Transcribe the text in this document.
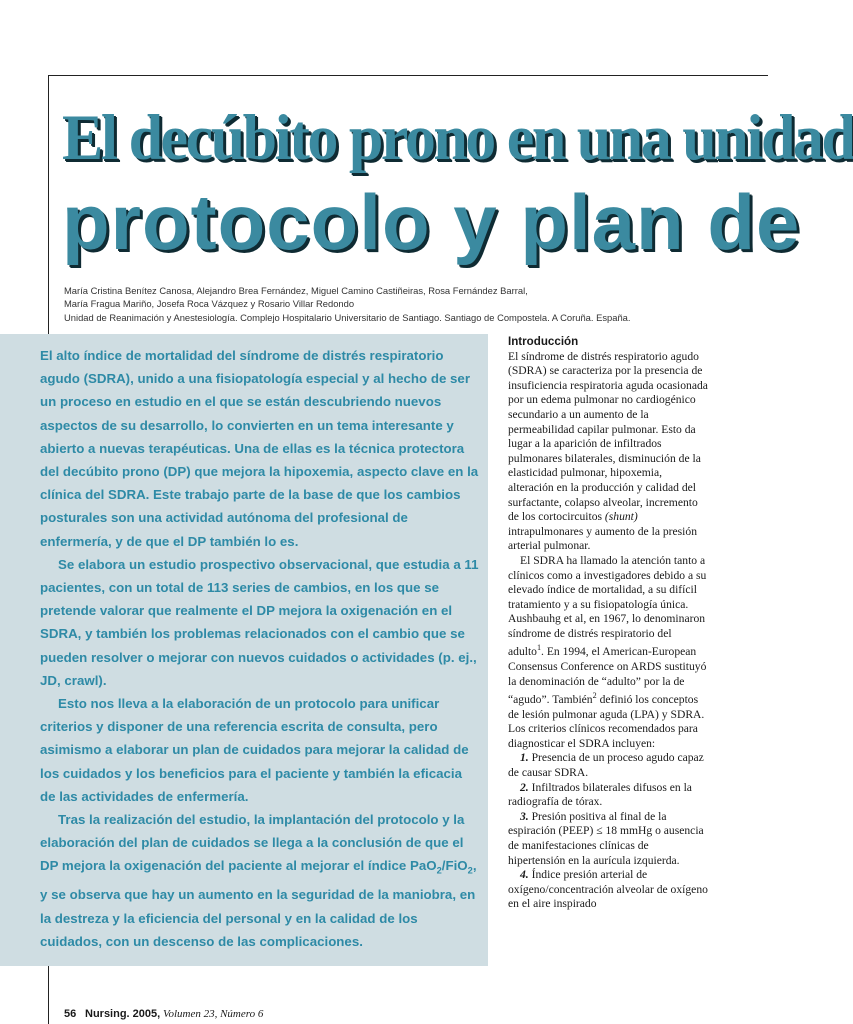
El decúbito prono en una unidad
protocolo y plan de
María Cristina Benítez Canosa, Alejandro Brea Fernández, Miguel Camino Castiñeiras, Rosa Fernández Barral,
María Fragua Mariño, Josefa Roca Vázquez y Rosario Villar Redondo
Unidad de Reanimación y Anestesiología. Complejo Hospitalario Universitario de Santiago. Santiago de Compostela. A Coruña. España.

El alto índice de mortalidad del síndrome de distrés respiratorio agudo (SDRA), unido a una fisiopatología especial y al hecho de ser un proceso en estudio en el que se están descubriendo nuevos aspectos de su desarrollo, lo convierten en un tema interesante y abierto a nuevas terapéuticas. Una de ellas es la técnica protectora del decúbito prono (DP) que mejora la hipoxemia, aspecto clave en la clínica del SDRA. Este trabajo parte de la base de que los cambios posturales son una actividad autónoma del profesional de enfermería, y de que el DP también lo es.

Se elabora un estudio prospectivo observacional, que estudia a 11 pacientes, con un total de 113 series de cambios, en los que se pretende valorar que realmente el DP mejora la oxigenación en el SDRA, y también los problemas relacionados con el cambio que se pueden resolver o mejorar con nuevos cuidados o actividades (p. ej., JD, crawl).

Esto nos lleva a la elaboración de un protocolo para unificar criterios y disponer de una referencia escrita de consulta, pero asimismo a elaborar un plan de cuidados para mejorar la calidad de los cuidados y los beneficios para el paciente y también la eficacia de las actividades de enfermería.

Tras la realización del estudio, la implantación del protocolo y la elaboración del plan de cuidados se llega a la conclusión de que el DP mejora la oxigenación del paciente al mejorar el índice PaO$_2$/FiO$_2$, y se observa que hay un aumento en la seguridad de la maniobra, en la destreza y la eficiencia del personal y en la calidad de los cuidados, con un descenso de las complicaciones.

Introducción

El síndrome de distrés respiratorio agudo (SDRA) se caracteriza por la presencia de insuficiencia respiratoria aguda ocasionada por un edema pulmonar no cardiogénico secundario a un aumento de la permeabilidad capilar pulmonar. Esto da lugar a la aparición de infiltrados pulmonares bilaterales, disminución de la elasticidad pulmonar, hipoxemia, alteración en la producción y calidad del surfactante, colapso alveolar, incremento de los cortocircuitos (shunt) intrapulmonares y aumento de la presión arterial pulmonar.

El SDRA ha llamado la atención tanto a clínicos como a investigadores debido a su elevado índice de mortalidad, a su difícil tratamiento y a su fisiopatología única. Aushbauhg et al, en 1967, lo denominaron síndrome de distrés respiratorio del adulto$^1$. En 1994, el American-European Consensus Conference on ARDS sustituyó la denominación de “adulto” por la de “agudo”. También$^2$ definió los conceptos de lesión pulmonar aguda (LPA) y SDRA. Los criterios clínicos recomendados para diagnosticar el SDRA incluyen:

1. Presencia de un proceso agudo capaz de causar SDRA.

2. Infiltrados bilaterales difusos en la radiografía de tórax.

3. Presión positiva al final de la espiración (PEEP) ≤ 18 mmHg o ausencia de manifestaciones clínicas de hipertensión en la aurícula izquierda.

4. Índice presión arterial de oxígeno/concentración alveolar de oxígeno en el aire inspirado

56 Nursing. 2005, Volumen 23, Número 6
